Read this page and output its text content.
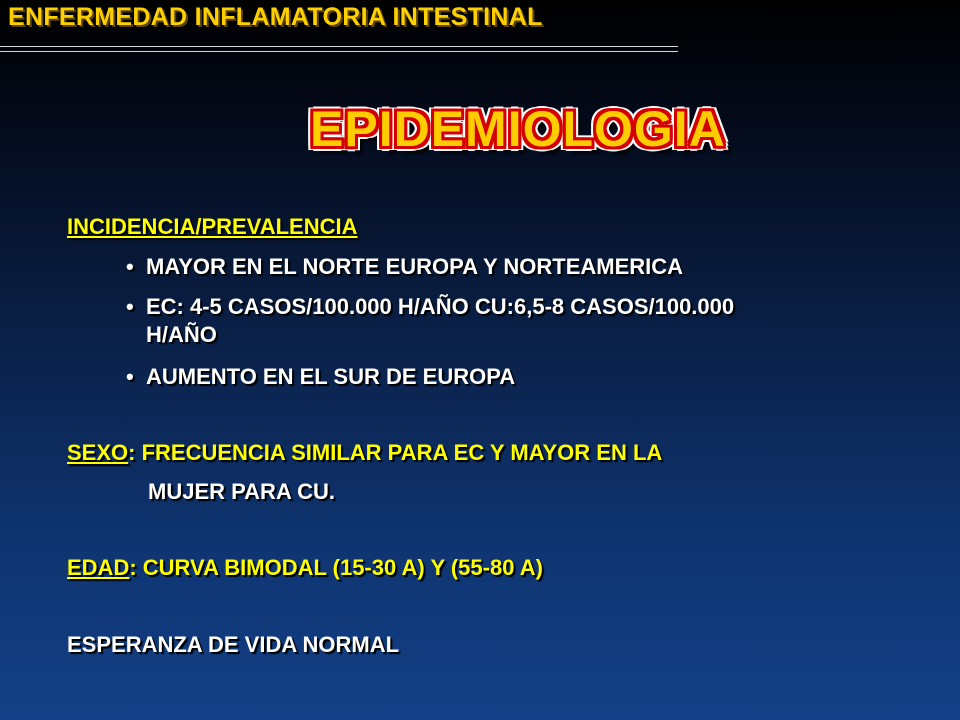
ENFERMEDAD INFLAMATORIA INTESTINAL
EPIDEMIOLOGIA
INCIDENCIA/PREVALENCIA
• MAYOR EN EL NORTE EUROPA Y NORTEAMERICA
• EC: 4-5 CASOS/100.000 H/AÑO CU:6,5-8 CASOS/100.000
H/AÑO
• AUMENTO EN EL SUR DE EUROPA
SEXO: FRECUENCIA SIMILAR PARA EC Y MAYOR EN LA
MUJER PARA CU.
EDAD: CURVA BIMODAL (15-30 A) Y (55-80 A)
ESPERANZA DE VIDA NORMAL
